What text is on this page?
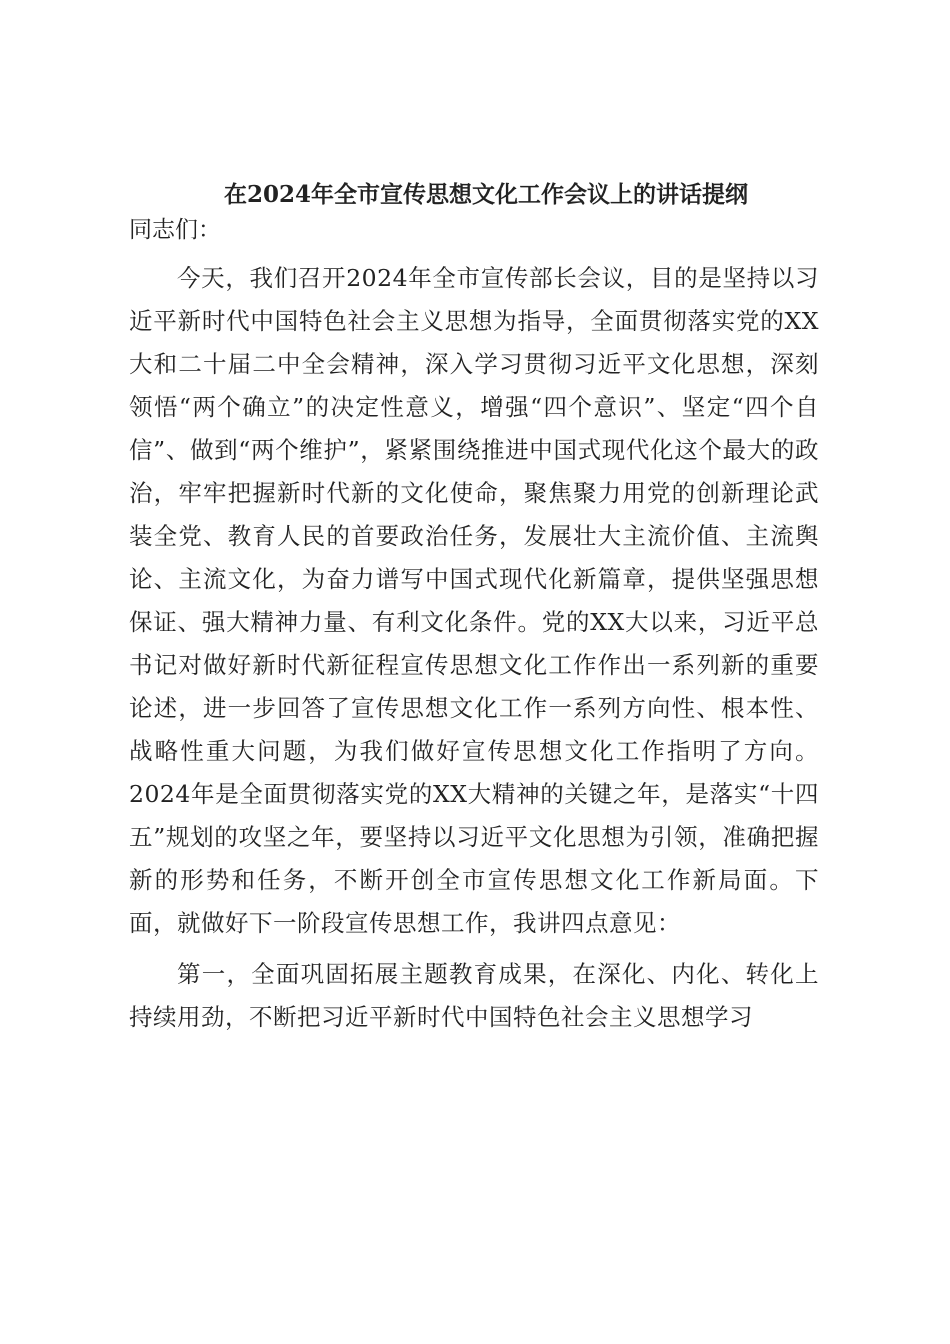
在2024年全市宣传思想文化工作会议上的讲话提纲
同志们：

今天，我们召开2024年全市宣传部长会议，目的是坚持以习近平新时代中国特色社会主义思想为指导，全面贯彻落实党的XX大和二十届二中全会精神，深入学习贯彻习近平文化思想，深刻领悟“两个确立”的决定性意义，增强“四个意识”、坚定“四个自信”、做到“两个维护”，紧紧围绕推进中国式现代化这个最大的政治，牢牢把握新时代新的文化使命，聚焦聚力用党的创新理论武装全党、教育人民的首要政治任务，发展壮大主流价值、主流舆论、主流文化，为奋力谱写中国式现代化新篇章，提供坚强思想保证、强大精神力量、有利文化条件。党的XX大以来，习近平总书记对做好新时代新征程宣传思想文化工作作出一系列新的重要论述，进一步回答了宣传思想文化工作一系列方向性、根本性、战略性重大问题，为我们做好宣传思想文化工作指明了方向。2024年是全面贯彻落实党的XX大精神的关键之年，是落实“十四五”规划的攻坚之年，要坚持以习近平文化思想为引领，准确把握新的形势和任务，不断开创全市宣传思想文化工作新局面。下面，就做好下一阶段宣传思想工作，我讲四点意见：

第一，全面巩固拓展主题教育成果，在深化、内化、转化上持续用劲，不断把习近平新时代中国特色社会主义思想学习
